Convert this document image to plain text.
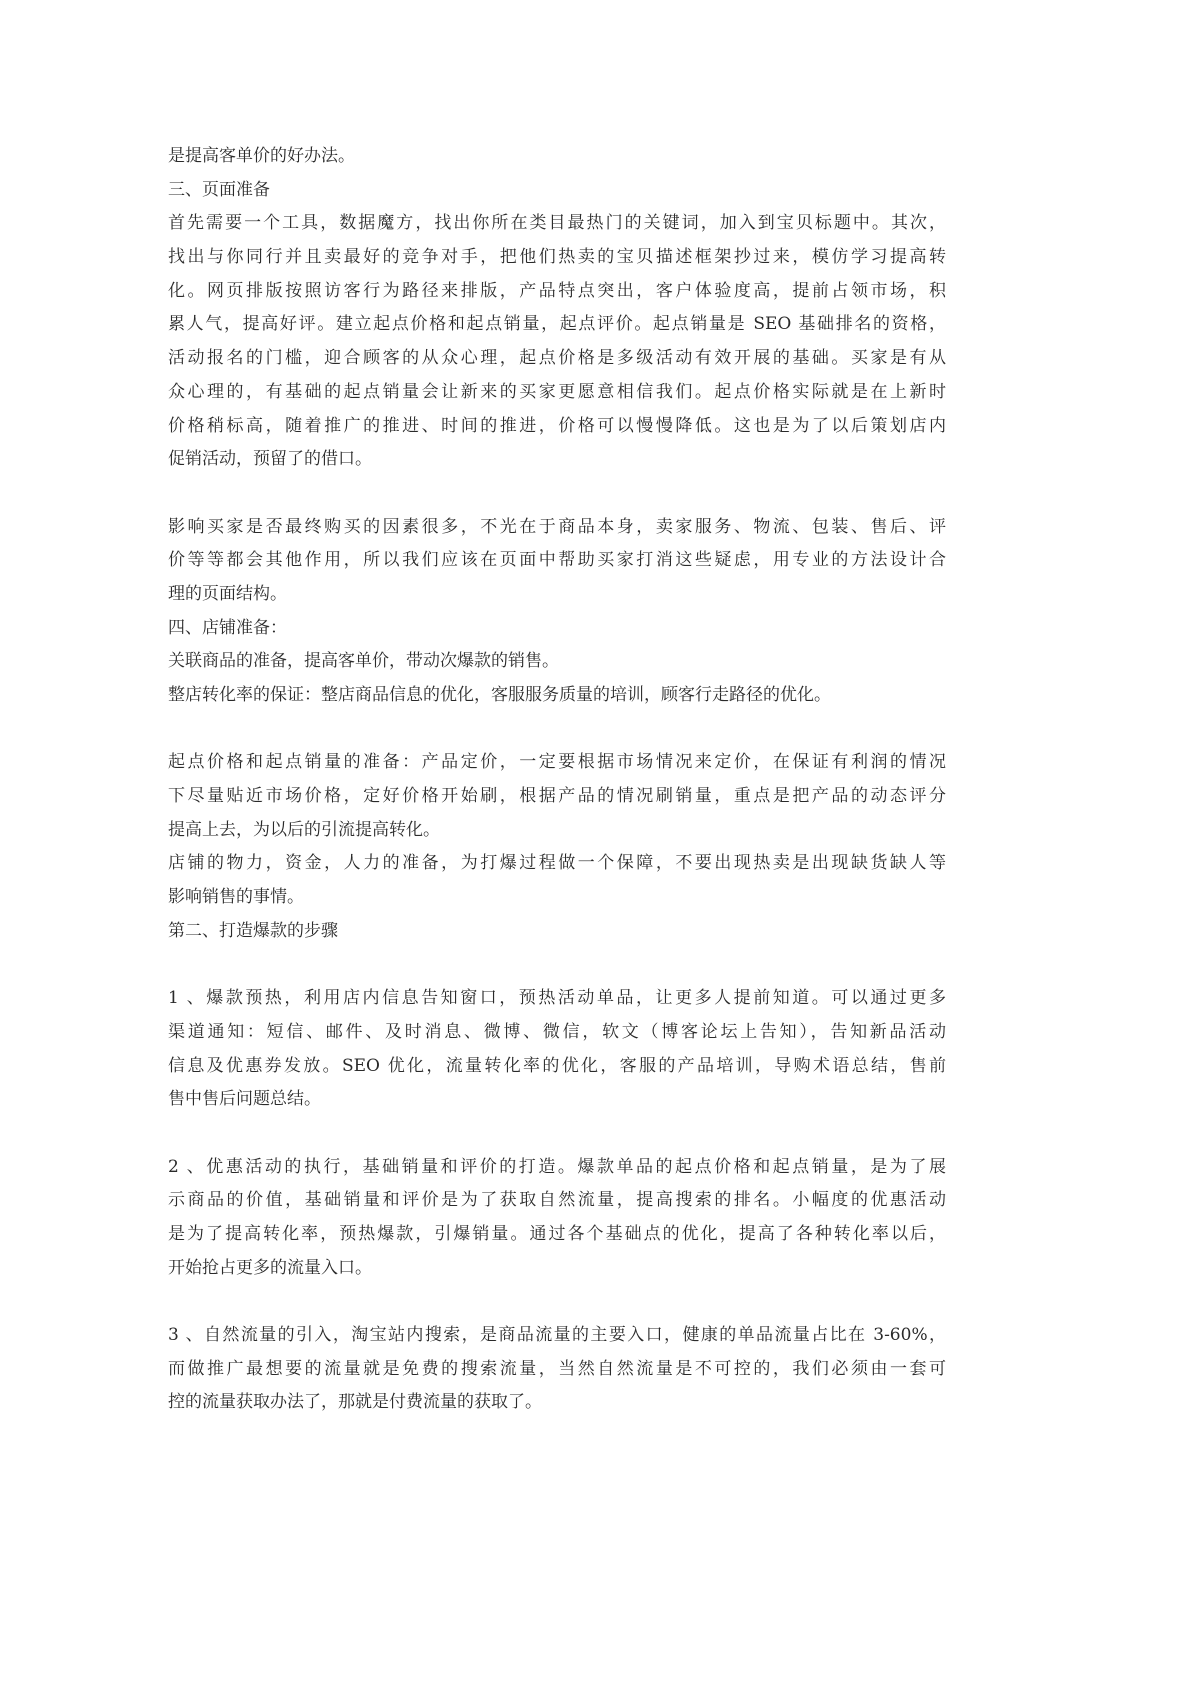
是提高客单价的好办法。
三、页面准备
首先需要一个工具，数据魔方，找出你所在类目最热门的关键词，加入到宝贝标题中。其次，
找出与你同行并且卖最好的竞争对手，把他们热卖的宝贝描述框架抄过来，模仿学习提高转
化。网页排版按照访客行为路径来排版，产品特点突出，客户体验度高，提前占领市场，积
累人气，提高好评。建立起点价格和起点销量，起点评价。起点销量是 SEO 基础排名的资格，
活动报名的门槛，迎合顾客的从众心理，起点价格是多级活动有效开展的基础。买家是有从
众心理的，有基础的起点销量会让新来的买家更愿意相信我们。起点价格实际就是在上新时
价格稍标高，随着推广的推进、时间的推进，价格可以慢慢降低。这也是为了以后策划店内
促销活动，预留了的借口。
影响买家是否最终购买的因素很多，不光在于商品本身，卖家服务、物流、包装、售后、评
价等等都会其他作用，所以我们应该在页面中帮助买家打消这些疑虑，用专业的方法设计合
理的页面结构。
四、店铺准备：
关联商品的准备，提高客单价，带动次爆款的销售。
整店转化率的保证：整店商品信息的优化，客服服务质量的培训，顾客行走路径的优化。
起点价格和起点销量的准备：产品定价，一定要根据市场情况来定价，在保证有利润的情况
下尽量贴近市场价格，定好价格开始刷，根据产品的情况刷销量，重点是把产品的动态评分
提高上去，为以后的引流提高转化。
店铺的物力，资金，人力的准备，为打爆过程做一个保障，不要出现热卖是出现缺货缺人等
影响销售的事情。
第二、打造爆款的步骤
1 、爆款预热，利用店内信息告知窗口，预热活动单品，让更多人提前知道。可以通过更多
渠道通知：短信、邮件、及时消息、微博、微信，软文（博客论坛上告知），告知新品活动
信息及优惠券发放。SEO 优化，流量转化率的优化，客服的产品培训，导购术语总结，售前
售中售后问题总结。
2 、优惠活动的执行，基础销量和评价的打造。爆款单品的起点价格和起点销量，是为了展
示商品的价值，基础销量和评价是为了获取自然流量，提高搜索的排名。小幅度的优惠活动
是为了提高转化率，预热爆款，引爆销量。通过各个基础点的优化，提高了各种转化率以后，
开始抢占更多的流量入口。
3 、自然流量的引入，淘宝站内搜索，是商品流量的主要入口，健康的单品流量占比在 3-60%，
而做推广最想要的流量就是免费的搜索流量，当然自然流量是不可控的，我们必须由一套可
控的流量获取办法了，那就是付费流量的获取了。
